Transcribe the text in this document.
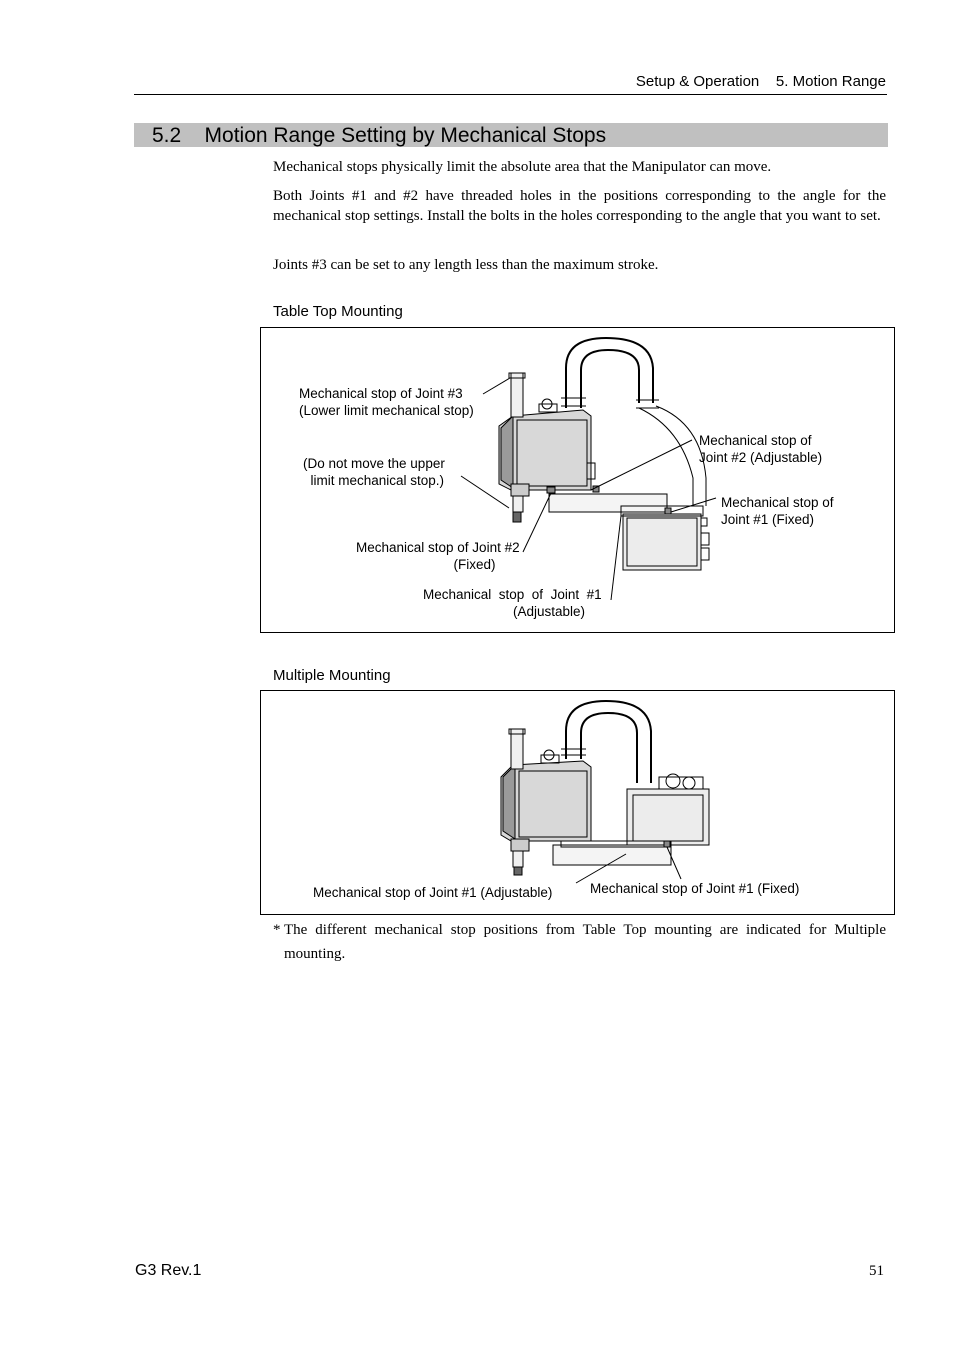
Setup & Operation    5. Motion Range
5.2    Motion Range Setting by Mechanical Stops
Mechanical stops physically limit the absolute area that the Manipulator can move.
Both Joints #1 and #2 have threaded holes in the positions corresponding to the angle for the mechanical stop settings. Install the bolts in the holes corresponding to the angle that you want to set.
Joints #3 can be set to any length less than the maximum stroke.
Table Top Mounting
Mechanical stop of Joint #3
(Lower limit mechanical stop)
(Do not move the upper
limit mechanical stop.)
Mechanical stop of
Joint #2 (Adjustable)
Mechanical stop of
Joint #1 (Fixed)
Mechanical stop of Joint #2
(Fixed)
Mechanical  stop  of  Joint  #1
(Adjustable)
Multiple Mounting
Mechanical stop of Joint #1 (Adjustable)	Mechanical stop of Joint #1 (Fixed)
* The different mechanical stop positions from Table Top mounting are indicated for Multiple mounting.
G3 Rev.1	51
